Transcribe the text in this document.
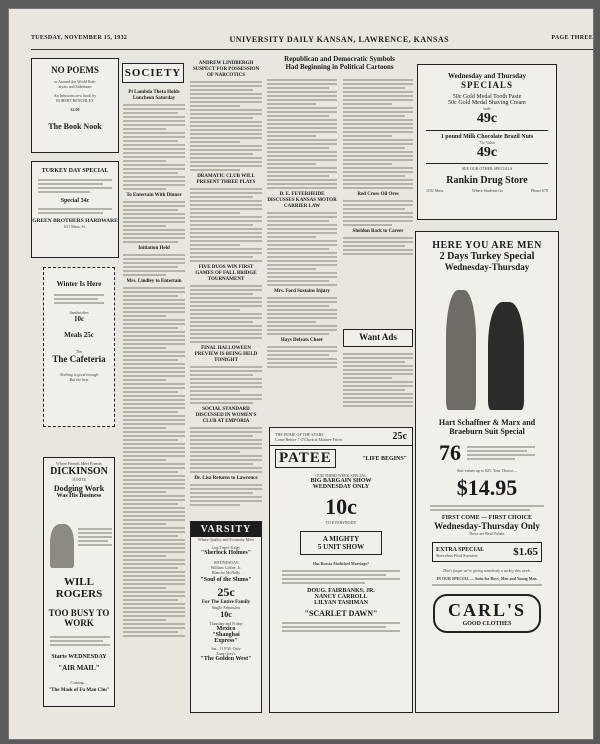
TUESDAY, NOVEMBER 15, 1932	UNIVERSITY DAILY KANSAN, LAWRENCE, KANSAS	PAGE THREE
NO POEMS
or Around the World Rub-
aiyats and Sideburns
An Infusions new book by
ROBERT BENCHLEY
$2.00
The Book Nook
TURKEY DAY SPECIAL
Special 34c
GREEN BROTHERS HARDWARE
631 Mass. St.
Winter Is Here
Sandwiches
10c
Meals 25c
The
The Cafeteria
Nothing is good enough
But the best
Where Friends Meet Friends
DICKINSON
TONITE
Dodging Work
Was His Business
WILL ROGERS
TOO BUSY TO WORK
Starts WEDNESDAY
"AIR MAIL"
Coming—
"The Mask of Fu Man Chu"
SOCIETY
Pi Lambda Theta Holds Luncheon Saturday
To Entertain With Dinner
Initiation Held
Mrs. Lindley to Entertain
ANDREW LINDBERGH SUSPECT FOR POSSESSION OF NARCOTICS
DRAMATIC CLUB WILL PRESENT THREE PLAYS
FIVE DUOS WIN FIRST GAMES OF FALL BRIDGE TOURNAMENT
FINAL HALLOWEEN PREVIEW IS BEING HELD TONIGHT
SOCIAL STANDARD DISCUSSED IN WOMEN'S CLUB AT EMPORIA
Dr. Lisa Returns to Lawrence
VARSITY
Where Quality and Economy Meet
Last Times Today
"Sherlock Holmes"
WEDNESDAY
William Collier, Jr.
Blanche McNally
"Soul of the Slums"
25c
For The Entire Family
Single Admission
10c
Thursday and Friday
Mexico
"Shanghai
Express"
Sat., 11 P.M. Only
Zane Grey's
"The Golden West"
Republican and Democratic Symbols
Had Beginning in Political Cartoons
D. E. FEYERHEIDE DISCUSSES KANSAS MOTOR CARRIER LAW
Mrs. Ford Sustains Injury
Hays Defeats Cheer
Red Cross Oil Ores
Sheldon Back to Career
Want Ads
THE HOME OF THE STARS
Come Before 7 O'Clock at Matinee Prices	25c
PATEE	"LIFE BEGINS"
OUR THIRD WEEK SPECIAL
BIG BARGAIN SHOW
WEDNESDAY ONLY
10c
TO EVERYBODY
A MIGHTY
5 UNIT SHOW
Has Russia Abolished Marriage?
DOUG. FAIRBANKS, JR.
NANCY CARROLL
LILYAN TASHMAN
"SCARLET DAWN"
Wednesday and Thursday
SPECIALS
50c Gold Medal Tooth Paste
50c Gold Medal Shaving Cream
both
49c
1 pound Milk Chocolate Brazil Nuts
75c Value
49c
SEE OUR OTHER SPECIALS
Rankin Drug Store
1101 Mass.	Where Students Go	Phone 678
HERE YOU ARE MEN
2 Days Turkey Special
Wednesday-Thursday
Hart Schaffner & Marx and
Braeburn Suit Special
76
Suit-values up to $25. Your Choice—
$14.95
FIRST COME — FIRST CHOICE
Wednesday-Thursday Only
These are Real Values.
EXTRA SPECIAL
Sleeveless Wool Sweaters	$1.65
Don't forget we're giving somebody a turkey this week.
IN OUR SPECIAL — Suits for Boys, Men and Young Men.
CARL'S
GOOD CLOTHES
